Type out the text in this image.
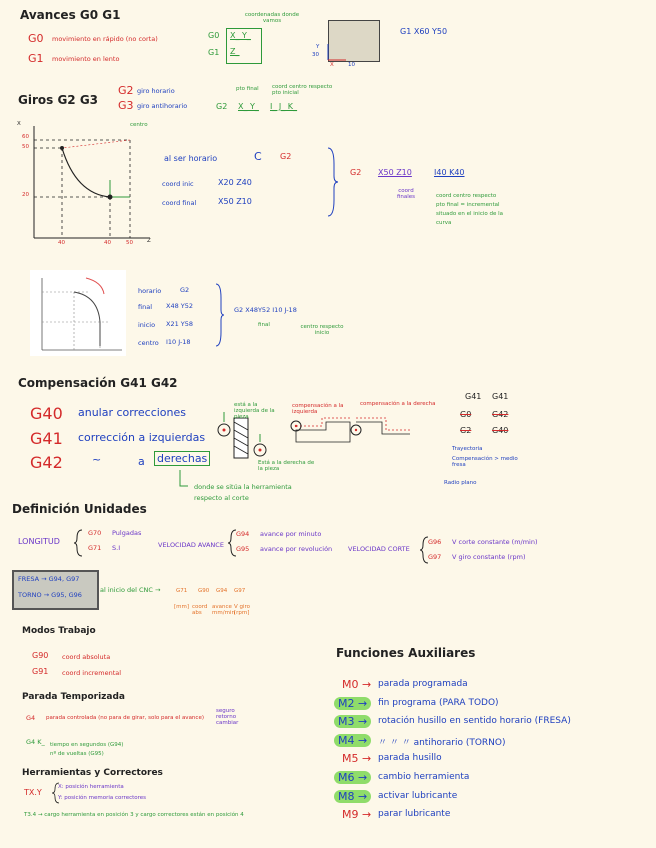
Avances G0 G1
G0 movimiento en rápido (no corta)
G1 movimiento en lento
coordenadas donde vamos
G0
G1
X_ Y_
Z_	Y
X	10
30
G1 X60 Y50
Giros G2 G3
G2 giro horario
G3 giro antihorario	G2
pto final
X_ Y_ I_ J_ K_
coord centro respecto pto inicial
X
Z
60
50
20
40	40	50
centro
al ser horario	C G2
coord inic	X20 Z40
coord final	X50 Z10
G2 X50 Z10	I40 K40
coord finales	coord centro respecto pto final = incremental situado en el inicio de la curva
horario	G2
final X48 Y52
inicio X21 Y58
centro I10 J-18
G2 X48Y52 I10 J-18
final	centro respecto inicio
Compensación G41 G42
G40 anular correcciones
G41 corrección a izquierdas
G42	~	a derechas
donde se sitúa la herramienta respecto al corte
está a la izquierda de la pieza
Está a la derecha de la pieza
compensación a la izquierda
compensación a la derecha
G41 G41
G0	G42
G2	G40
Trayectoria
Compensación > medio fresa
Radio plano
Definición Unidades
LONGITUD
G70 Pulgadas
G71 S.I	VELOCIDAD AVANCE
G94 avance por minuto
G95 avance por revolución VELOCIDAD CORTE
G96 V corte constante (m/min)
G97 V giro constante (rpm)
FRESA → G94, G97
TORNO → G95, G96
al inicio del CNC →	G71 G90 G94 G97
[mm] coord abs
avance mm/min
V giro [rpm]
Modos Trabajo
G90 coord absoluta
G91 coord incremental
Parada Temporizada
G4 parada controlada (no para de girar, solo para el avance)
seguro retorno cambiar
G4 K_ tiempo en segundos (G94)
nº de vueltas (G95)
Herramientas y Correctores
TX.Y
X: posición herramienta
Y: posición memoria correctores
T3.4 → cargo herramienta en posición 3 y cargo correctores están en posición 4
Funciones Auxiliares
M0 → parada programada
M2 →	fin programa (PARA TODO)
M3 →	rotación husillo en sentido horario (FRESA)
M4 →	〃 〃 〃 antihorario (TORNO)
M5 → parada husillo
M6 →	cambio herramienta
M8 →	activar lubricante
M9 → parar lubricante
